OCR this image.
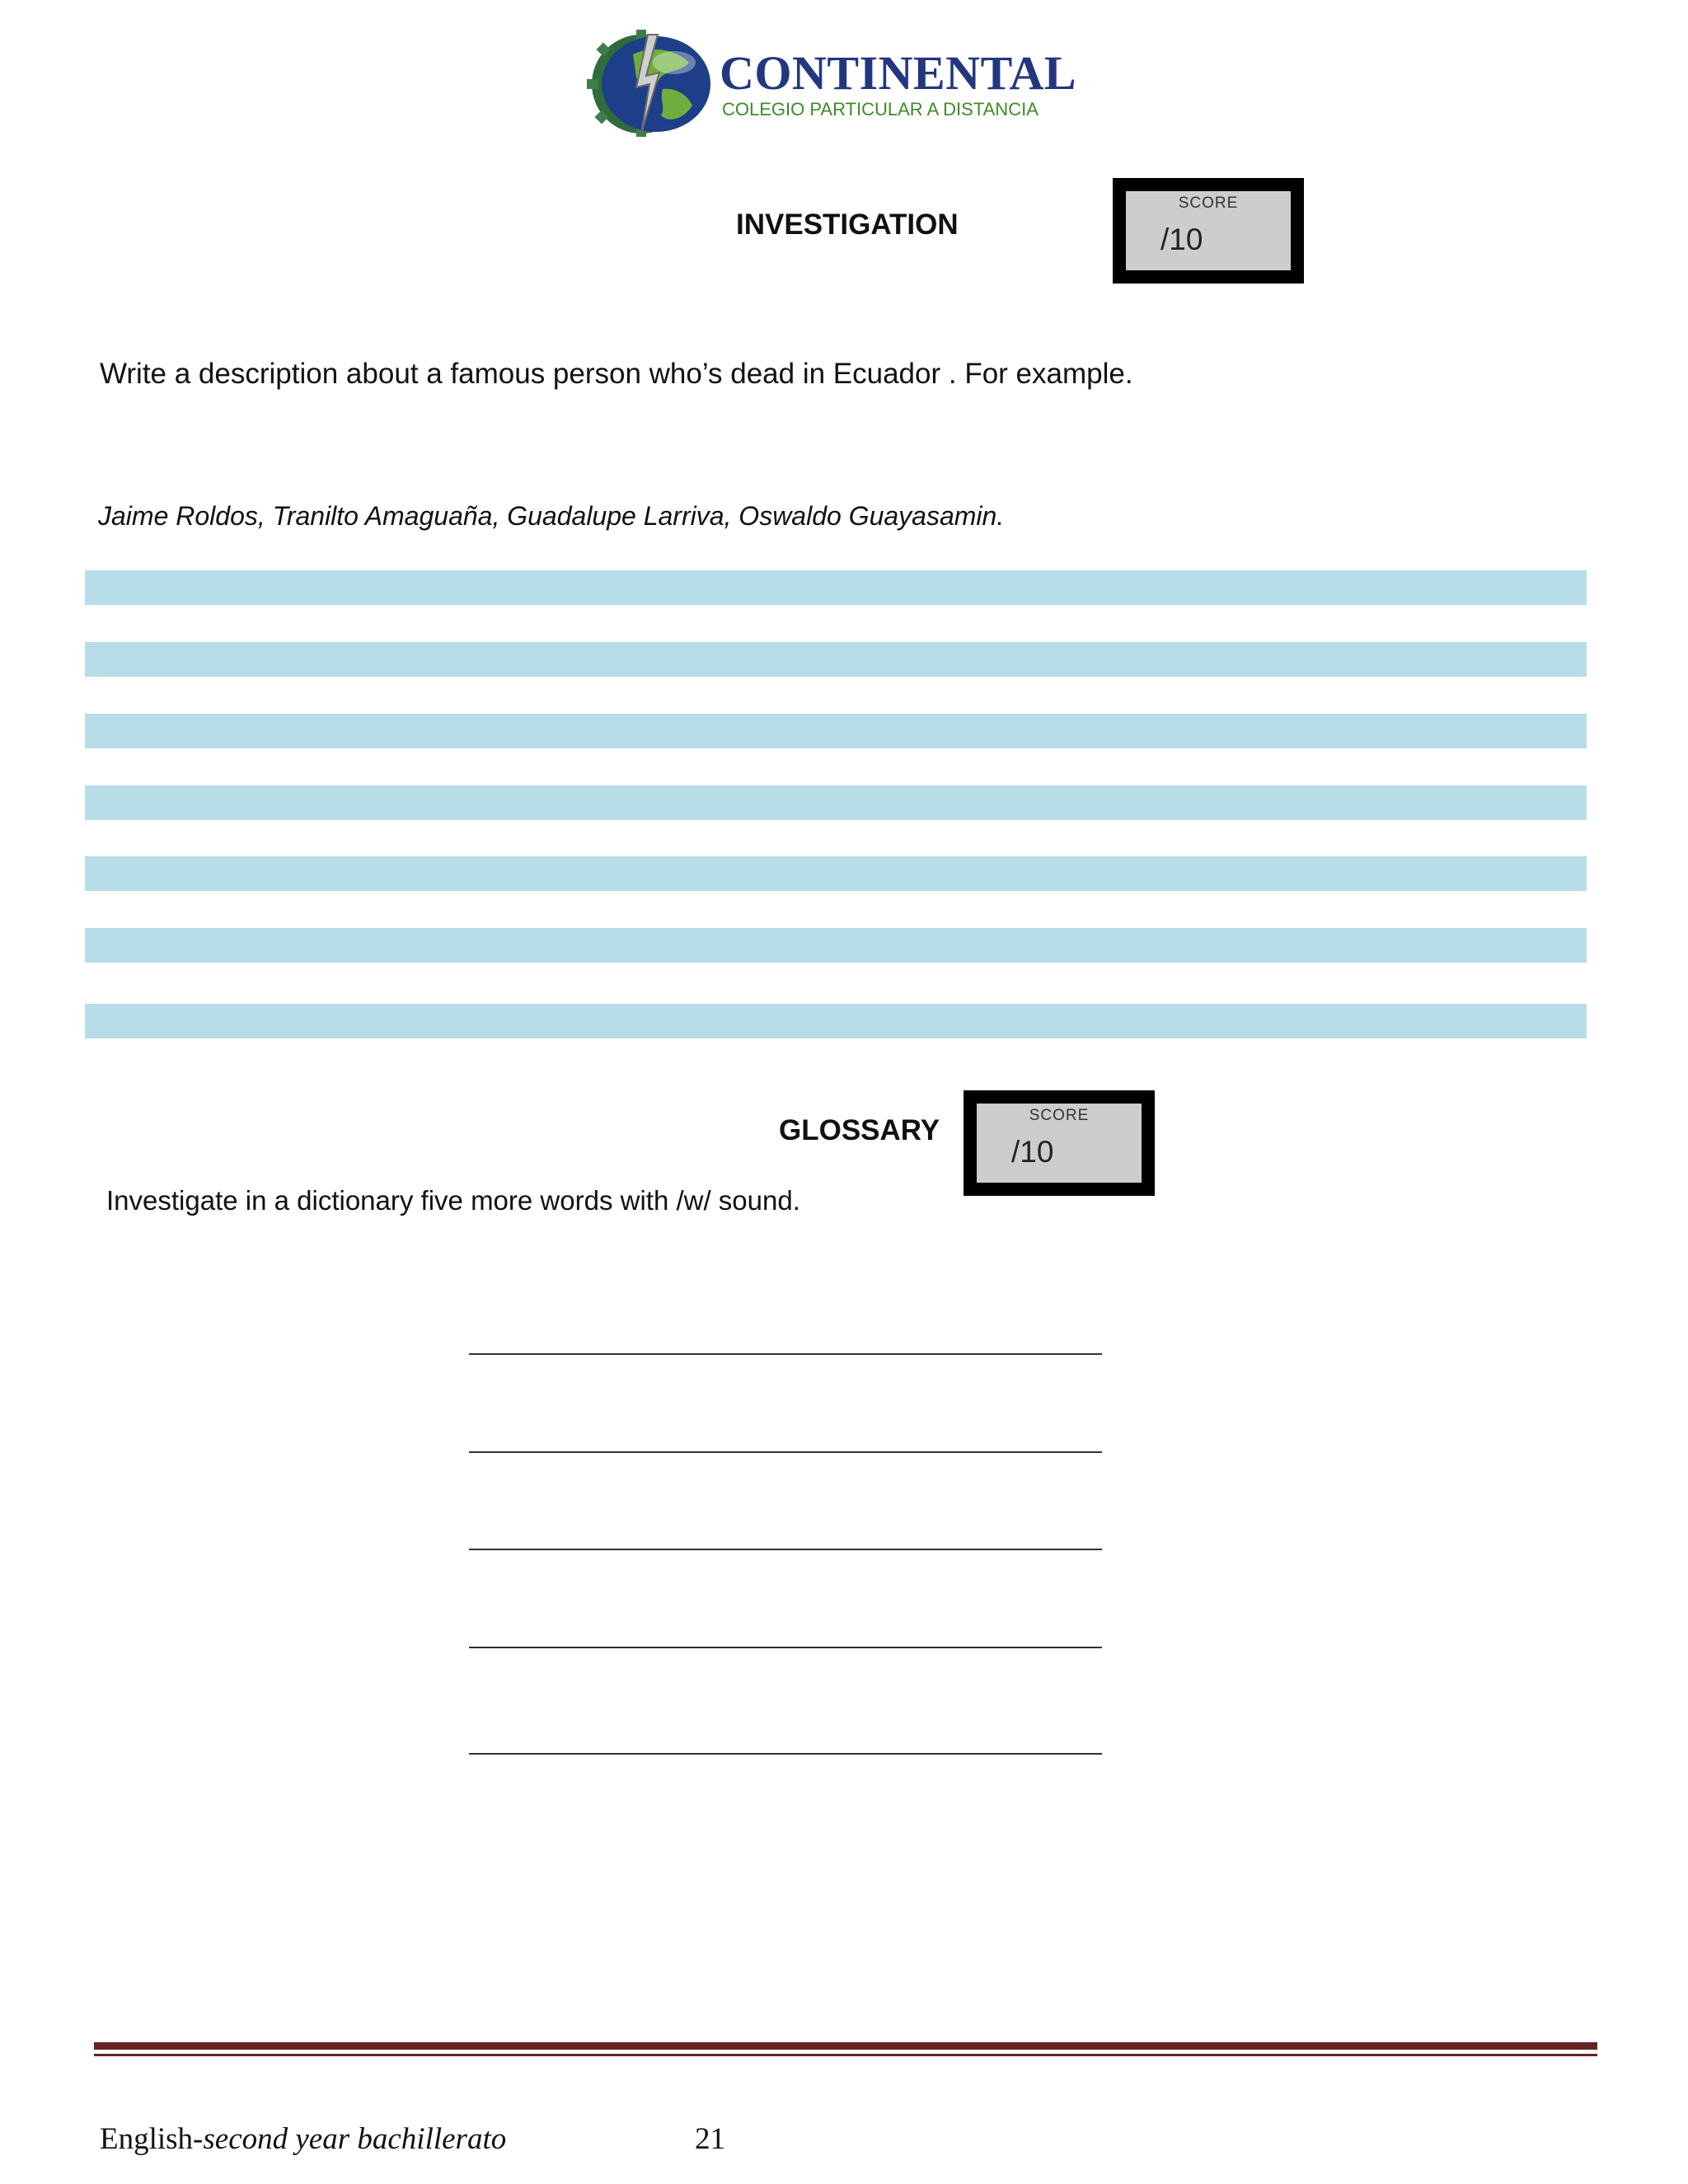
CONTINENTAL
COLEGIO PARTICULAR A DISTANCIA
INVESTIGATION
SCORE
/10

Write a description about a famous person who’s dead in Ecuador . For example.

Jaime Roldos, Tranilto Amaguaña, Guadalupe Larriva, Oswaldo Guayasamin.

GLOSSARY	SCORE
/10

Investigate in a dictionary five more words with /w/ sound.

English-second year bachillerato	21
